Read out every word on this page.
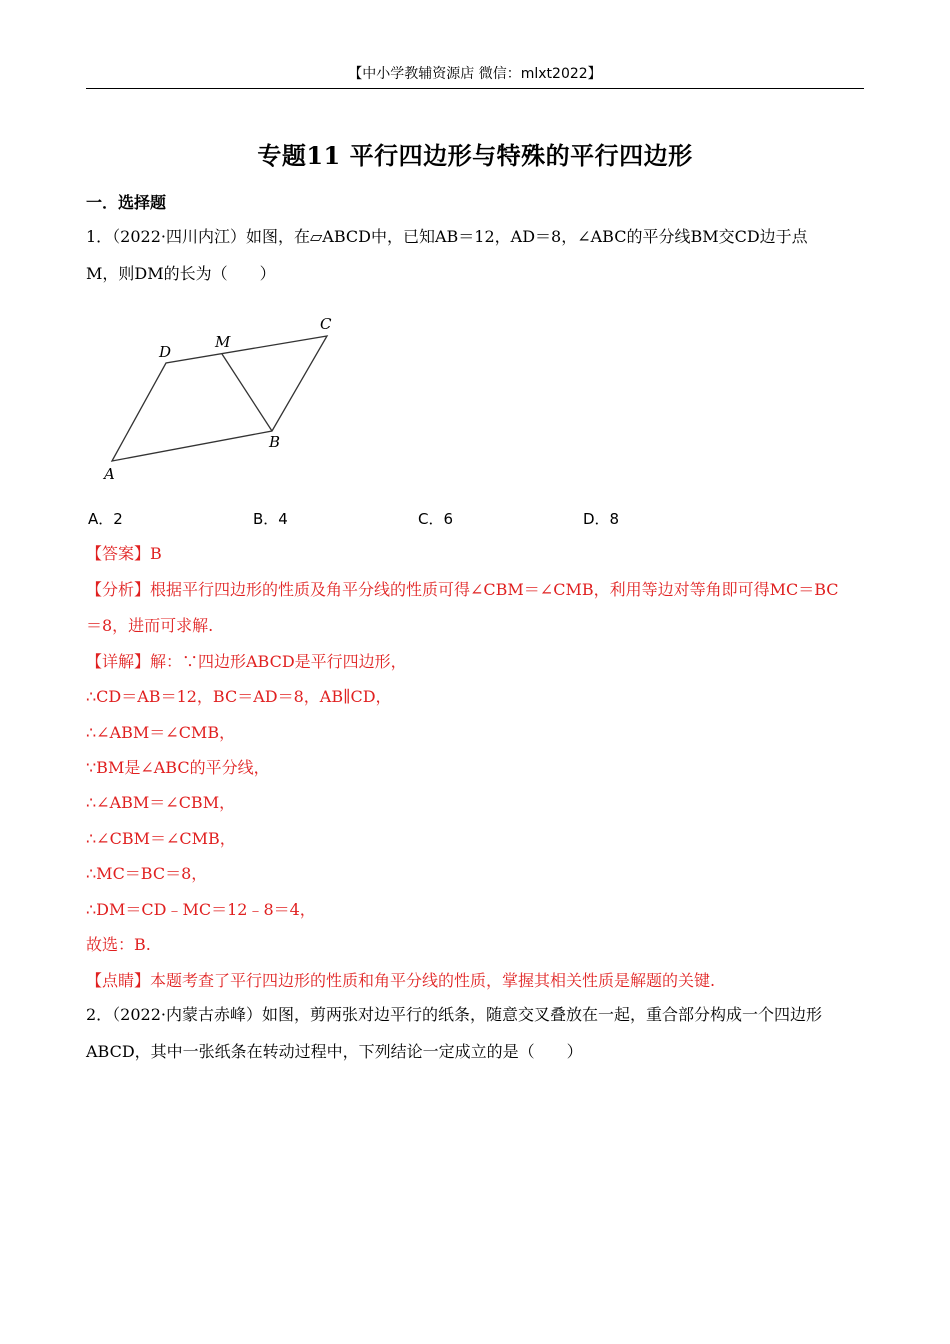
【中小学教辅资源店 微信：mlxt2022】
专题11 平行四边形与特殊的平行四边形
一．选择题
1．（2022·四川内江）如图，在▱ABCD中，已知AB＝12，AD＝8，∠ABC的平分线BM交CD边于点
M，则DM的长为（　　）
A
B
C
D
M
A．2	B．4	C．6	D．8
【答案】B
【分析】根据平行四边形的性质及角平分线的性质可得∠CBM＝∠CMB，利用等边对等角即可得MC＝BC
＝8，进而可求解.
【详解】解：∵四边形ABCD是平行四边形，
∴CD＝AB＝12，BC＝AD＝8，AB∥CD，
∴∠ABM＝∠CMB，
∵BM是∠ABC的平分线，
∴∠ABM＝∠CBM，
∴∠CBM＝∠CMB，
∴MC＝BC＝8，
∴DM＝CD﹣MC＝12﹣8＝4，
故选：B.
【点睛】本题考查了平行四边形的性质和角平分线的性质，掌握其相关性质是解题的关键.
2．（2022·内蒙古赤峰）如图，剪两张对边平行的纸条，随意交叉叠放在一起，重合部分构成一个四边形
ABCD，其中一张纸条在转动过程中，下列结论一定成立的是（　　）
